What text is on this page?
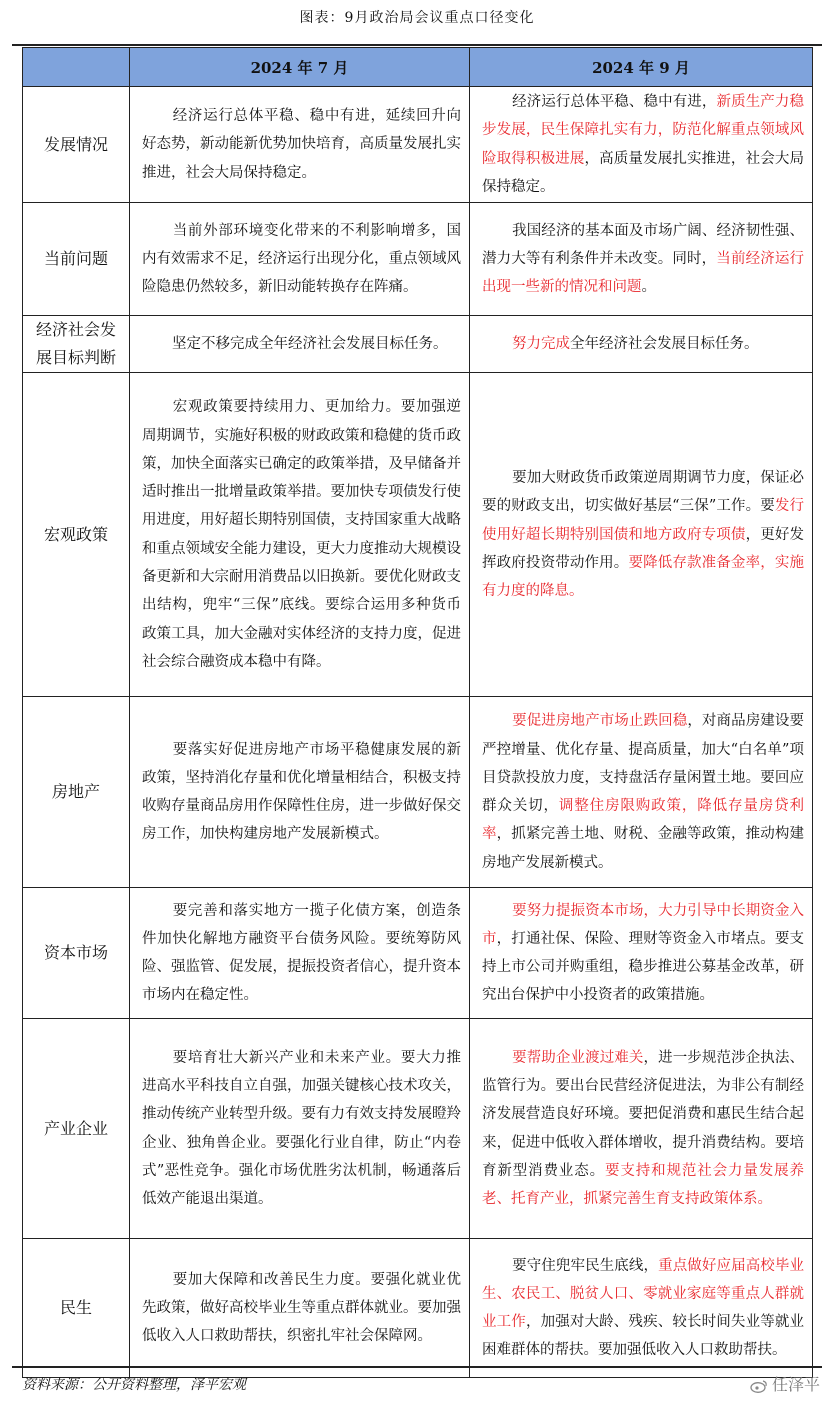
图表：9月政治局会议重点口径变化
	2024 年 7 月	2024 年 9 月
发展情况	经济运行总体平稳、稳中有进，延续回升向好态势，新动能新优势加快培育，高质量发展扎实推进，社会大局保持稳定。	经济运行总体平稳、稳中有进，新质生产力稳步发展，民生保障扎实有力，防范化解重点领域风险取得积极进展，高质量发展扎实推进，社会大局保持稳定。
当前问题	当前外部环境变化带来的不利影响增多，国内有效需求不足，经济运行出现分化，重点领域风险隐患仍然较多，新旧动能转换存在阵痛。	我国经济的基本面及市场广阔、经济韧性强、潜力大等有利条件并未改变。同时，当前经济运行出现一些新的情况和问题。
经济社会发展目标判断	坚定不移完成全年经济社会发展目标任务。	努力完成全年经济社会发展目标任务。
宏观政策	宏观政策要持续用力、更加给力。要加强逆周期调节，实施好积极的财政政策和稳健的货币政策，加快全面落实已确定的政策举措，及早储备并适时推出一批增量政策举措。要加快专项债发行使用进度，用好超长期特别国债，支持国家重大战略和重点领域安全能力建设，更大力度推动大规模设备更新和大宗耐用消费品以旧换新。要优化财政支出结构，兜牢“三保”底线。要综合运用多种货币政策工具，加大金融对实体经济的支持力度，促进社会综合融资成本稳中有降。	要加大财政货币政策逆周期调节力度，保证必要的财政支出，切实做好基层“三保”工作。要发行使用好超长期特别国债和地方政府专项债，更好发挥政府投资带动作用。要降低存款准备金率，实施有力度的降息。
房地产	要落实好促进房地产市场平稳健康发展的新政策，坚持消化存量和优化增量相结合，积极支持收购存量商品房用作保障性住房，进一步做好保交房工作，加快构建房地产发展新模式。	要促进房地产市场止跌回稳，对商品房建设要严控增量、优化存量、提高质量，加大“白名单”项目贷款投放力度，支持盘活存量闲置土地。要回应群众关切，调整住房限购政策，降低存量房贷利率，抓紧完善土地、财税、金融等政策，推动构建房地产发展新模式。
资本市场	要完善和落实地方一揽子化债方案，创造条件加快化解地方融资平台债务风险。要统筹防风险、强监管、促发展，提振投资者信心，提升资本市场内在稳定性。	要努力提振资本市场，大力引导中长期资金入市，打通社保、保险、理财等资金入市堵点。要支持上市公司并购重组，稳步推进公募基金改革，研究出台保护中小投资者的政策措施。
产业企业	要培育壮大新兴产业和未来产业。要大力推进高水平科技自立自强，加强关键核心技术攻关，推动传统产业转型升级。要有力有效支持发展瞪羚企业、独角兽企业。要强化行业自律，防止“内卷式”恶性竞争。强化市场优胜劣汰机制，畅通落后低效产能退出渠道。	要帮助企业渡过难关，进一步规范涉企执法、监管行为。要出台民营经济促进法，为非公有制经济发展营造良好环境。要把促消费和惠民生结合起来，促进中低收入群体增收，提升消费结构。要培育新型消费业态。要支持和规范社会力量发展养老、托育产业，抓紧完善生育支持政策体系。
民生	要加大保障和改善民生力度。要强化就业优先政策，做好高校毕业生等重点群体就业。要加强低收入人口救助帮扶，织密扎牢社会保障网。	要守住兜牢民生底线，重点做好应届高校毕业生、农民工、脱贫人口、零就业家庭等重点人群就业工作，加强对大龄、残疾、较长时间失业等就业困难群体的帮扶。要加强低收入人口救助帮扶。
资料来源：公开资料整理，泽平宏观	任泽平
